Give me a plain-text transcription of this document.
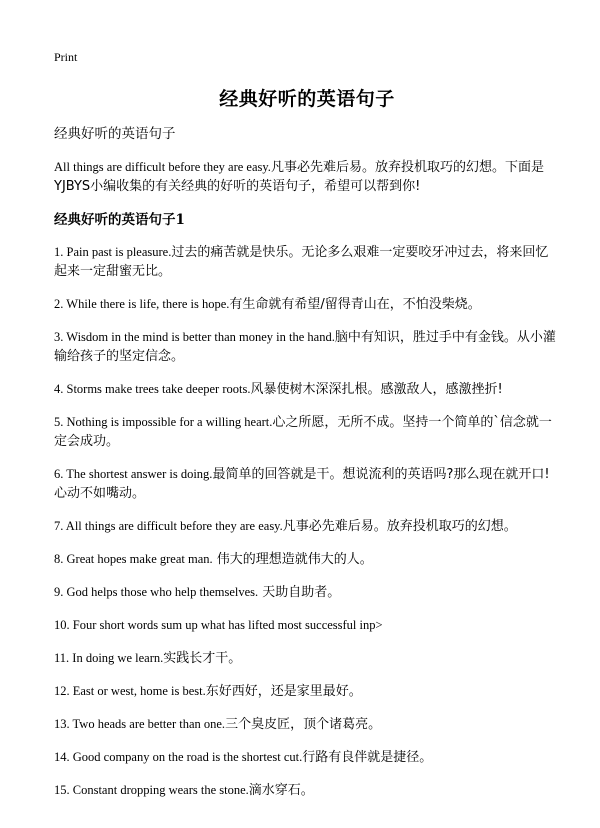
Print
经典好听的英语句子
经典好听的英语句子

All things are difficult before they are easy.凡事必先难后易。放弃投机取巧的幻想。下面是YJBYS小编收集的有关经典的好听的英语句子，希望可以帮到你!

经典好听的英语句子1
1. Pain past is pleasure.过去的痛苦就是快乐。无论多么艰难一定要咬牙冲过去，将来回忆起来一定甜蜜无比。
2. While there is life, there is hope.有生命就有希望/留得青山在，不怕没柴烧。
3. Wisdom in the mind is better than money in the hand.脑中有知识，胜过手中有金钱。从小灌输给孩子的坚定信念。
4. Storms make trees take deeper roots.风暴使树木深深扎根。感激敌人，感激挫折!
5. Nothing is impossible for a willing heart.心之所愿，无所不成。坚持一个简单的`信念就一定会成功。
6. The shortest answer is doing.最简单的回答就是干。想说流利的英语吗?那么现在就开口!心动不如嘴动。
7. All things are difficult before they are easy.凡事必先难后易。放弃投机取巧的幻想。
8. Great hopes make great man. 伟大的理想造就伟大的人。
9. God helps those who help themselves. 天助自助者。
10. Four short words sum up what has lifted most successful inp>
11. In doing we learn.实践长才干。
12. East or west, home is best.东好西好，还是家里最好。
13. Two heads are better than one.三个臭皮匠，顶个诸葛亮。
14. Good company on the road is the shortest cut.行路有良伴就是捷径。
15. Constant dropping wears the stone.滴水穿石。
